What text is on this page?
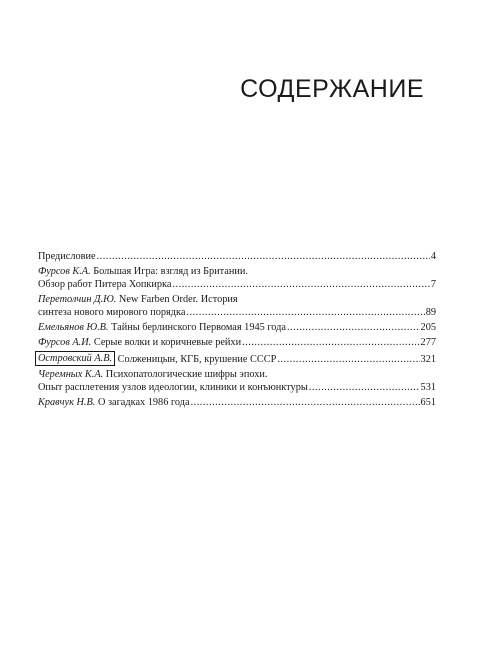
СОДЕРЖАНИЕ
Предисловие .....	4
Фурсов К.А.
Большая Игра: взгляд из Британии.
Обзор работ Питера Хопкирка .....	7
Перетолчин Д.Ю.
New Farben Order. История
синтеза нового мирового порядка .....	89
Емельянов Ю.В.
Тайны берлинского Первомая 1945 года .....	205
Фурсов А.И.
Серые волки и коричневые рейхи .....	277
Островский А.В.
Солженицын, КГБ, крушение СССР .....	321
Черемных К.А.
Психопатологические шифры эпохи.
Опыт расплетения узлов идеологии, клиники и конъюнктуры .....	531
Кравчук Н.В.
О загадках 1986 года .....	651
